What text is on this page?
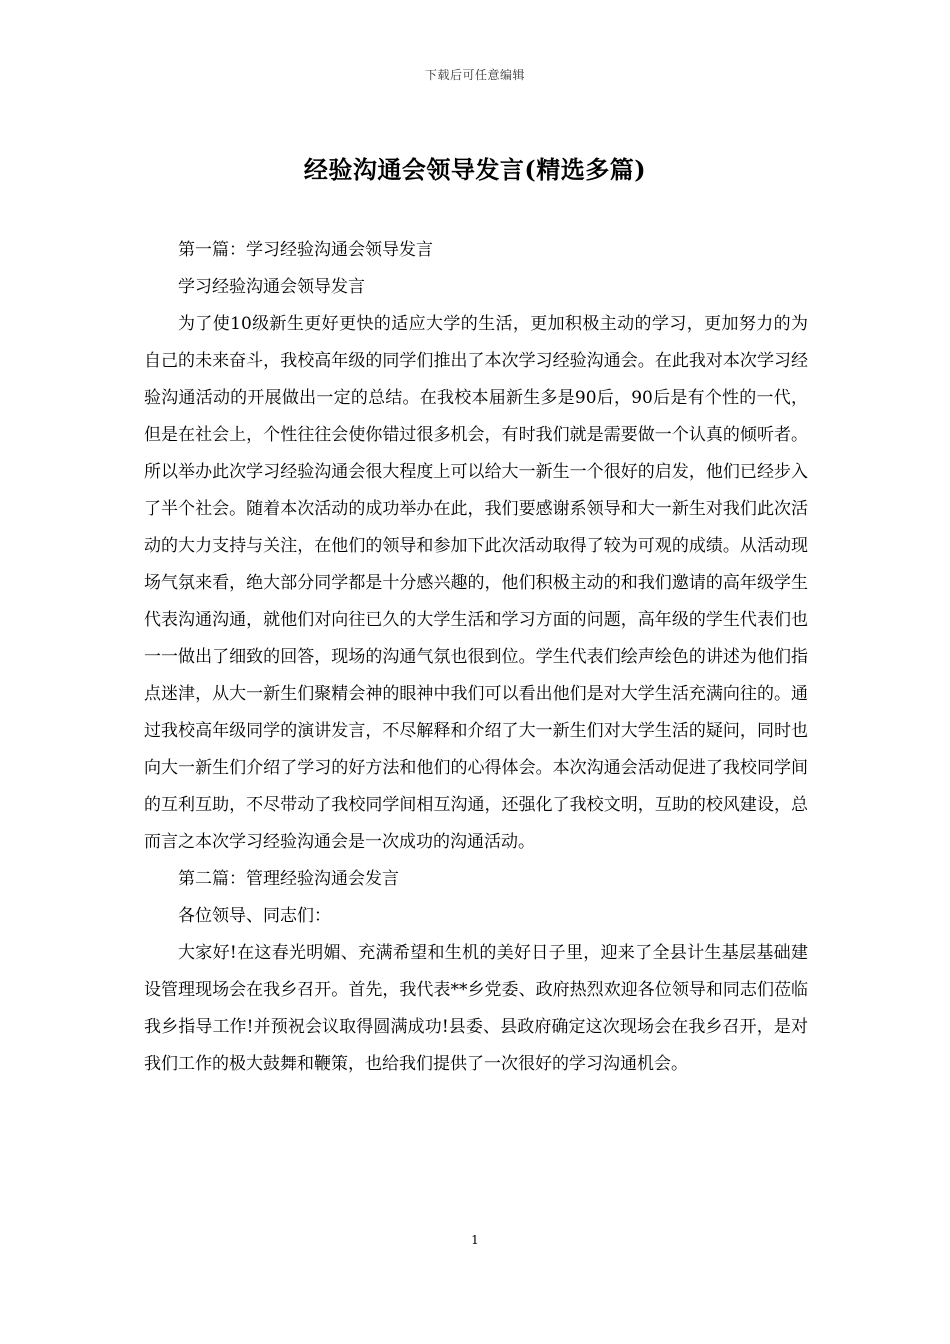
下载后可任意编辑
经验沟通会领导发言(精选多篇)

第一篇：学习经验沟通会领导发言

学习经验沟通会领导发言

为了使10级新生更好更快的适应大学的生活，更加积极主动的学习，更加努力的为自己的未来奋斗，我校高年级的同学们推出了本次学习经验沟通会。在此我对本次学习经验沟通活动的开展做出一定的总结。在我校本届新生多是90后，90后是有个性的一代，但是在社会上，个性往往会使你错过很多机会，有时我们就是需要做一个认真的倾听者。所以举办此次学习经验沟通会很大程度上可以给大一新生一个很好的启发，他们已经步入了半个社会。随着本次活动的成功举办在此，我们要感谢系领导和大一新生对我们此次活动的大力支持与关注，在他们的领导和参加下此次活动取得了较为可观的成绩。从活动现场气氛来看，绝大部分同学都是十分感兴趣的，他们积极主动的和我们邀请的高年级学生代表沟通沟通，就他们对向往已久的大学生活和学习方面的问题，高年级的学生代表们也一一做出了细致的回答，现场的沟通气氛也很到位。学生代表们绘声绘色的讲述为他们指点迷津，从大一新生们聚精会神的眼神中我们可以看出他们是对大学生活充满向往的。通过我校高年级同学的演讲发言，不尽解释和介绍了大一新生们对大学生活的疑问，同时也向大一新生们介绍了学习的好方法和他们的心得体会。本次沟通会活动促进了我校同学间的互利互助，不尽带动了我校同学间相互沟通，还强化了我校文明，互助的校风建设，总而言之本次学习经验沟通会是一次成功的沟通活动。

第二篇：管理经验沟通会发言

各位领导、同志们：

大家好!在这春光明媚、充满希望和生机的美好日子里，迎来了全县计生基层基础建设管理现场会在我乡召开。首先，我代表**乡党委、政府热烈欢迎各位领导和同志们莅临我乡指导工作!并预祝会议取得圆满成功!县委、县政府确定这次现场会在我乡召开，是对我们工作的极大鼓舞和鞭策，也给我们提供了一次很好的学习沟通机会。

1
